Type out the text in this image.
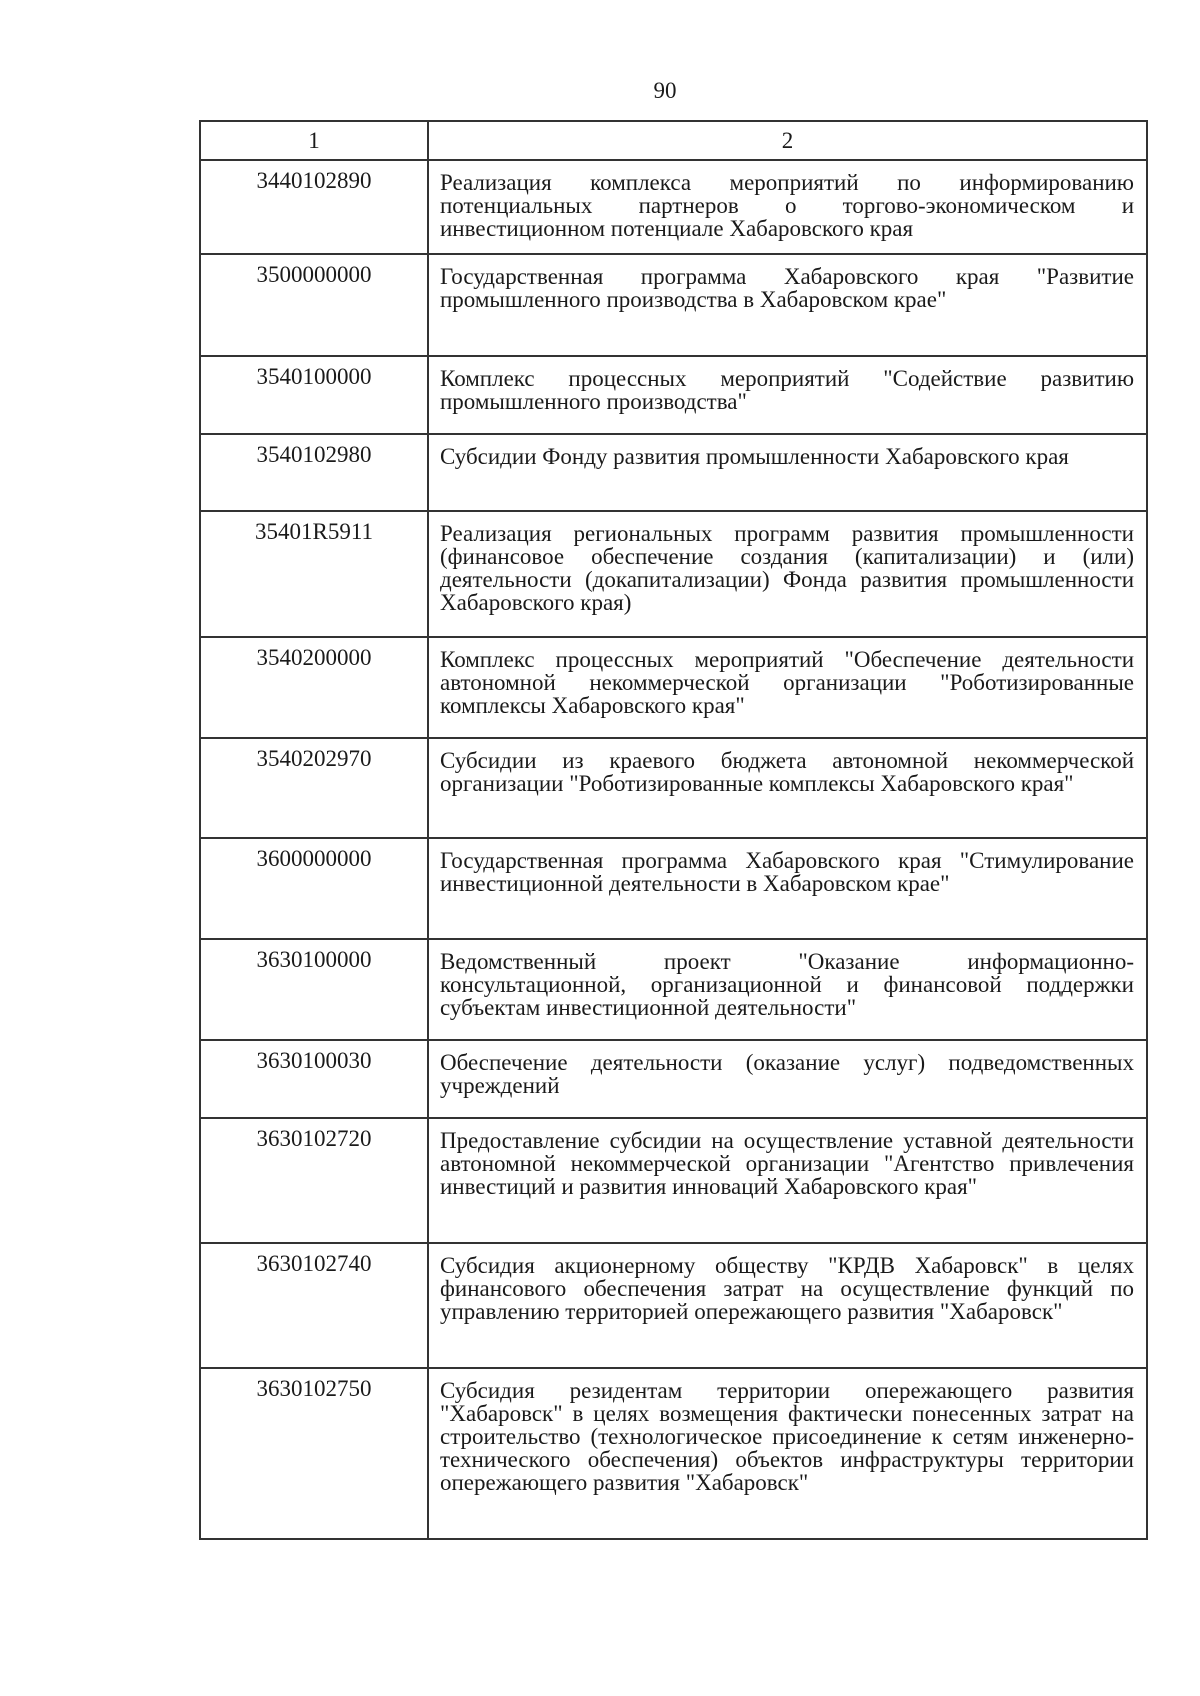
90
1	2
3440102890	Реализация комплекса мероприятий по информированию потенциальных партнеров о торгово-экономическом и инвестиционном потенциале Хабаровского края
3500000000	Государственная программа Хабаровского края "Развитие промышленного производства в Хабаровском крае"
3540100000	Комплекс процессных мероприятий "Содействие развитию промышленного производства"
3540102980	Субсидии Фонду развития промышленности Хабаровского края
35401R5911	Реализация региональных программ развития промышленности (финансовое обеспечение создания (капитализации) и (или) деятельности (докапитализации) Фонда развития промышленности Хабаровского края)
3540200000	Комплекс процессных мероприятий "Обеспечение деятельности автономной некоммерческой организации "Роботизированные комплексы Хабаровского края"
3540202970	Субсидии из краевого бюджета автономной некоммерческой организации "Роботизированные комплексы Хабаровского края"
3600000000	Государственная программа Хабаровского края "Стимулирование инвестиционной деятельности в Хабаровском крае"
3630100000	Ведомственный проект "Оказание информационно-консультационной, организационной и финансовой поддержки субъектам инвестиционной деятельности"
3630100030	Обеспечение деятельности (оказание услуг) подведомственных учреждений
3630102720	Предоставление субсидии на осуществление уставной деятельности автономной некоммерческой организации "Агентство привлечения инвестиций и развития инноваций Хабаровского края"
3630102740	Субсидия акционерному обществу "КРДВ Хабаровск" в целях финансового обеспечения затрат на осуществление функций по управлению территорией опережающего развития "Хабаровск"
3630102750	Субсидия резидентам территории опережающего развития "Хабаровск" в целях возмещения фактически понесенных затрат на строительство (технологическое присоединение к сетям инженерно-технического обеспечения) объектов инфраструктуры территории опережающего развития "Хабаровск"
